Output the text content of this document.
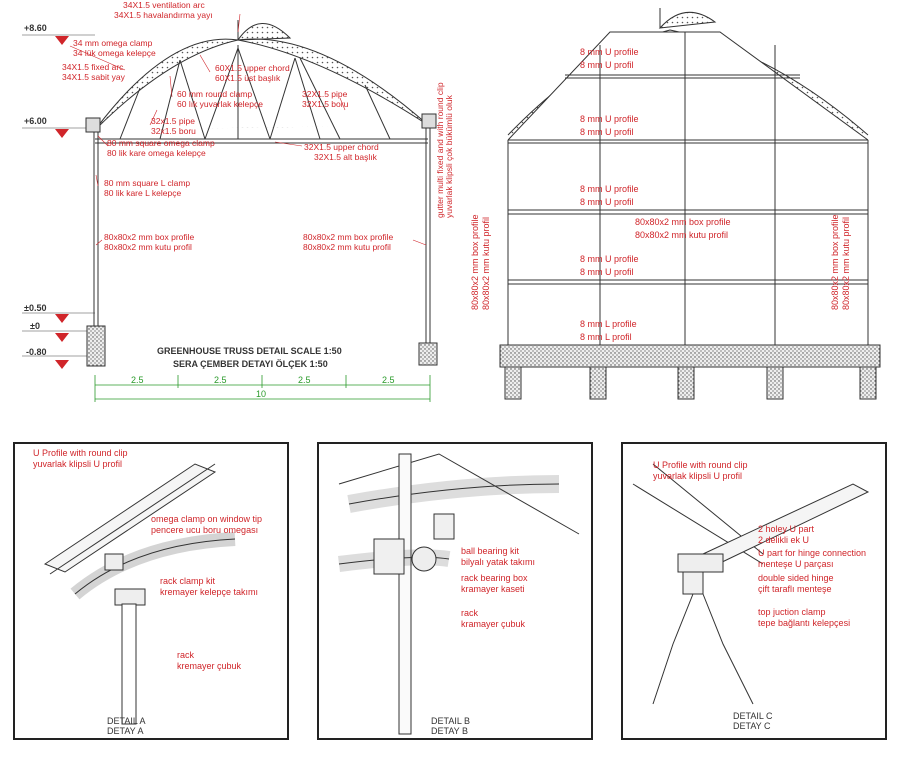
+8.60
+6.00
±0.50
±0
-0.80
34X1.5 ventilation arc
34X1.5 havalandırma yayı
34 mm omega clamp
34 lük omega kelepçe
34X1.5 fixed arc
34X1.5 sabit yay
60X1.5 upper chord
60X1.5 üst başlık
60 mm round clamp
60 lık yuvarlak kelepçe
32x1.5 pipe
32x1.5 boru
32X1.5 pipe
32X1.5 boru
80 mm square omega clamp
80 lik kare omega kelepçe
32X1.5 upper chord
32X1.5 alt başlık
80 mm square L clamp
80 lik kare L kelepçe
80x80x2 mm box profile
80x80x2 mm kutu profil
80x80x2 mm box profile
80x80x2 mm kutu profil
gutter multi fixed and with round clip yuvarlak klipsli çok bükümlü oluk
GREENHOUSE TRUSS DETAIL SCALE 1:50
SERA ÇEMBER DETAYI ÖLÇEK 1:50
2.5	2.5	2.5	2.5
10
8 mm U profile
8 mm U profil
8 mm U profile
8 mm U profil
8 mm U profile
8 mm U profil
80x80x2 mm box profile
80x80x2 mm kutu profil
8 mm U profile
8 mm U profil
8 mm L profile
8 mm L profil
80x80x2 mm box profile 80x80x2 mm kutu profil	80x80x2 mm box profile 80x80x2 mm kutu profil
U Profile with round clip
yuvarlak klipsli U profil
omega clamp on window tip
pencere ucu boru omegası
rack clamp kit
kremayer kelepçe takımı
rack
kremayer çubuk
DETAIL A
DETAY A
ball bearing kit
bilyalı yatak takımı
rack bearing box
kramayer kaseti
rack
kramayer çubuk
DETAIL B
DETAY B
U Profile with round clip
yuvarlak klipsli U profil
2 holey U part
2 delikli ek U
U part for hinge connection
menteşe U parçası
double sided hinge
çift taraflı menteşe
top juction clamp
tepe bağlantı kelepçesi
DETAIL C
DETAY C
